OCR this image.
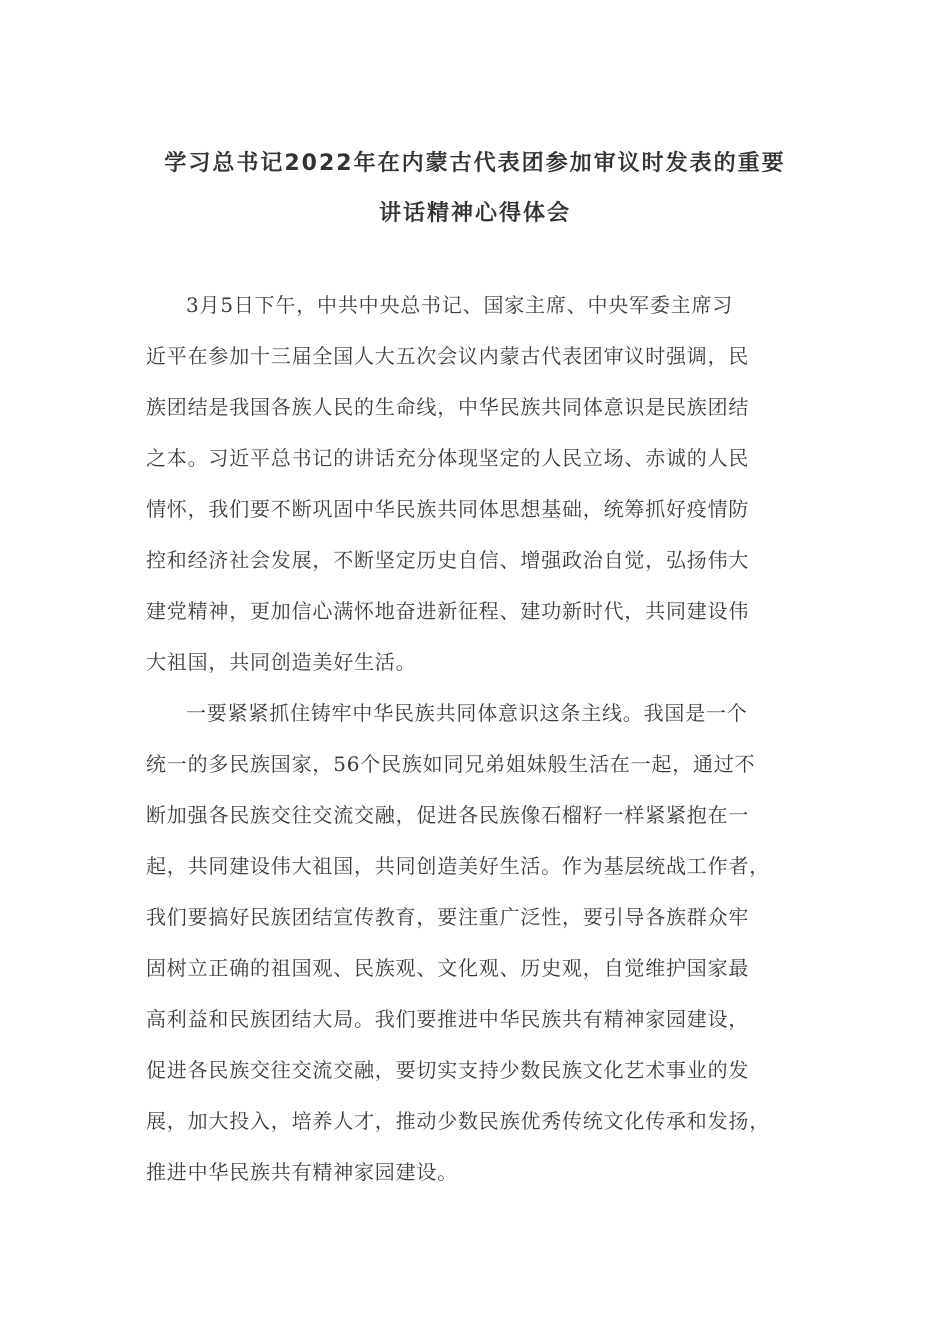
学习总书记2022年在内蒙古代表团参加审议时发表的重要
讲话精神心得体会
3月5日下午，中共中央总书记、国家主席、中央军委主席习
近平在参加十三届全国人大五次会议内蒙古代表团审议时强调，民
族团结是我国各族人民的生命线，中华民族共同体意识是民族团结
之本。习近平总书记的讲话充分体现坚定的人民立场、赤诚的人民
情怀，我们要不断巩固中华民族共同体思想基础，统筹抓好疫情防
控和经济社会发展，不断坚定历史自信、增强政治自觉，弘扬伟大
建党精神，更加信心满怀地奋进新征程、建功新时代，共同建设伟
大祖国，共同创造美好生活。
一要紧紧抓住铸牢中华民族共同体意识这条主线。我国是一个
统一的多民族国家，56个民族如同兄弟姐妹般生活在一起，通过不
断加强各民族交往交流交融，促进各民族像石榴籽一样紧紧抱在一
起，共同建设伟大祖国，共同创造美好生活。作为基层统战工作者，
我们要搞好民族团结宣传教育，要注重广泛性，要引导各族群众牢
固树立正确的祖国观、民族观、文化观、历史观，自觉维护国家最
高利益和民族团结大局。我们要推进中华民族共有精神家园建设，
促进各民族交往交流交融，要切实支持少数民族文化艺术事业的发
展，加大投入，培养人才，推动少数民族优秀传统文化传承和发扬，
推进中华民族共有精神家园建设。
